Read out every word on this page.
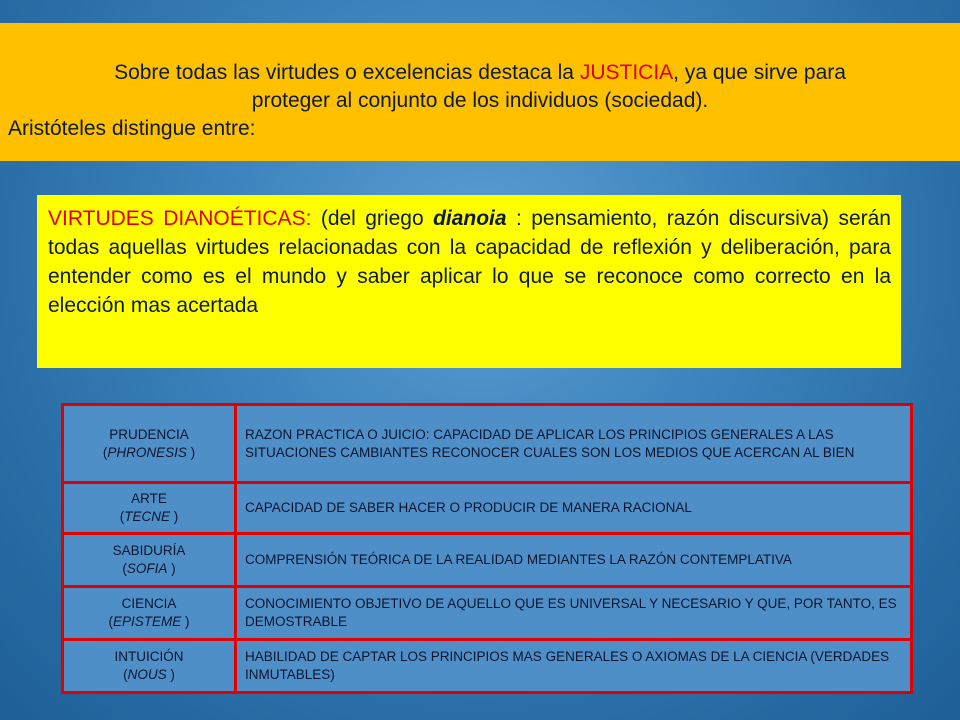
Sobre todas las virtudes o excelencias destaca la JUSTICIA, ya que sirve para
proteger al conjunto de los individuos (sociedad).
Aristóteles distingue entre:
VIRTUDES DIANOÉTICAS: (del griego dianoia : pensamiento, razón discursiva) serán todas aquellas virtudes relacionadas con la capacidad de reflexión y deliberación, para entender como es el mundo y saber aplicar lo que se reconoce como correcto en la elección mas acertada
PRUDENCIA
(PHRONESIS )	RAZON PRACTICA O JUICIO: CAPACIDAD DE APLICAR LOS PRINCIPIOS GENERALES A LAS SITUACIONES CAMBIANTES RECONOCER CUALES SON LOS MEDIOS QUE ACERCAN AL BIEN
ARTE
(TECNE )	CAPACIDAD DE SABER HACER O PRODUCIR DE MANERA RACIONAL
SABIDURÍA
(SOFIA )	COMPRENSIÓN TEÓRICA DE LA REALIDAD MEDIANTES LA RAZÓN CONTEMPLATIVA
CIENCIA
(EPISTEME )	CONOCIMIENTO OBJETIVO DE AQUELLO QUE ES UNIVERSAL Y NECESARIO Y QUE, POR TANTO, ES DEMOSTRABLE
INTUICIÓN
(NOUS )	HABILIDAD DE CAPTAR LOS PRINCIPIOS MAS GENERALES O AXIOMAS DE LA CIENCIA (VERDADES INMUTABLES)
